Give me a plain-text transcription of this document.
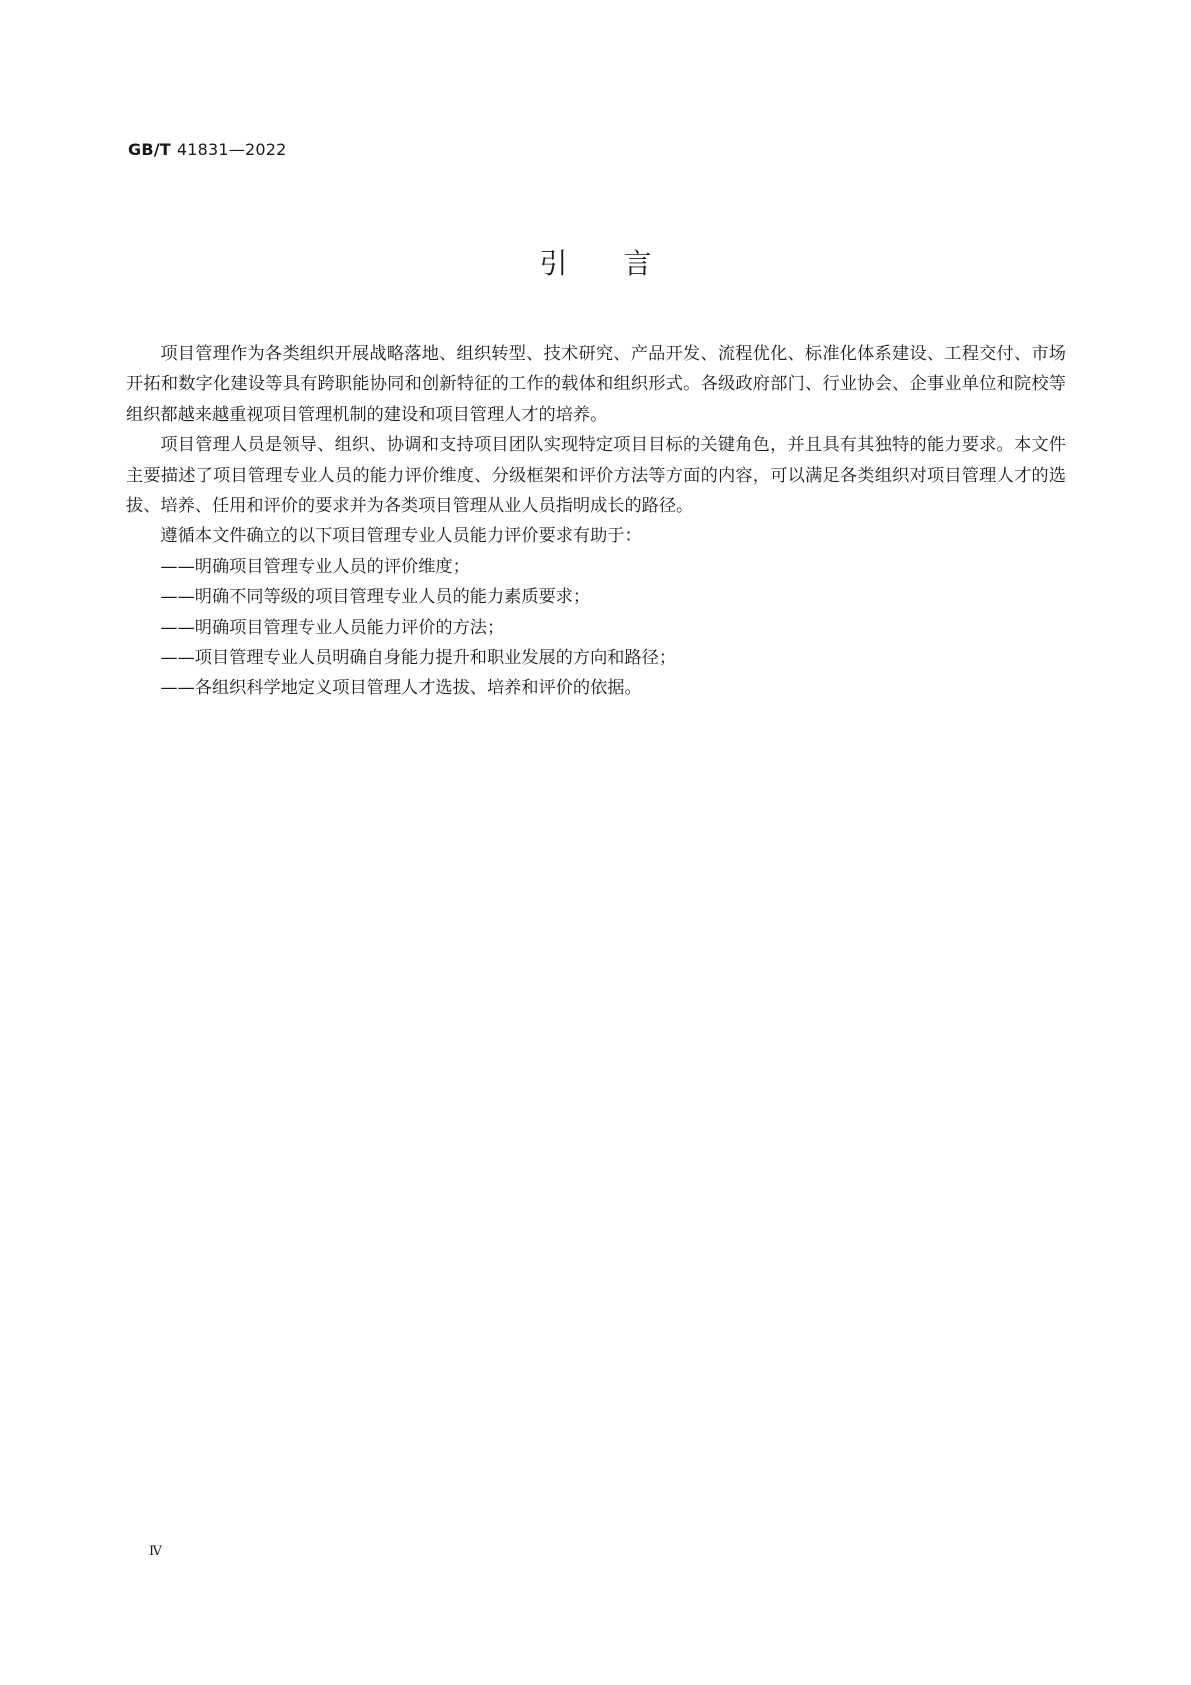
GB/T 41831—2022
引言

项目管理作为各类组织开展战略落地、组织转型、技术研究、产品开发、流程优化、标准化体系建设、工程交付、市场开拓和数字化建设等具有跨职能协同和创新特征的工作的载体和组织形式。各级政府部门、行业协会、企事业单位和院校等组织都越来越重视项目管理机制的建设和项目管理人才的培养。

项目管理人员是领导、组织、协调和支持项目团队实现特定项目目标的关键角色，并且具有其独特的能力要求。本文件主要描述了项目管理专业人员的能力评价维度、分级框架和评价方法等方面的内容，可以满足各类组织对项目管理人才的选拔、培养、任用和评价的要求并为各类项目管理从业人员指明成长的路径。

遵循本文件确立的以下项目管理专业人员能力评价要求有助于：

——明确项目管理专业人员的评价维度；
——明确不同等级的项目管理专业人员的能力素质要求；
——明确项目管理专业人员能力评价的方法；
——项目管理专业人员明确自身能力提升和职业发展的方向和路径；
——各组织科学地定义项目管理人才选拔、培养和评价的依据。
Ⅳ
